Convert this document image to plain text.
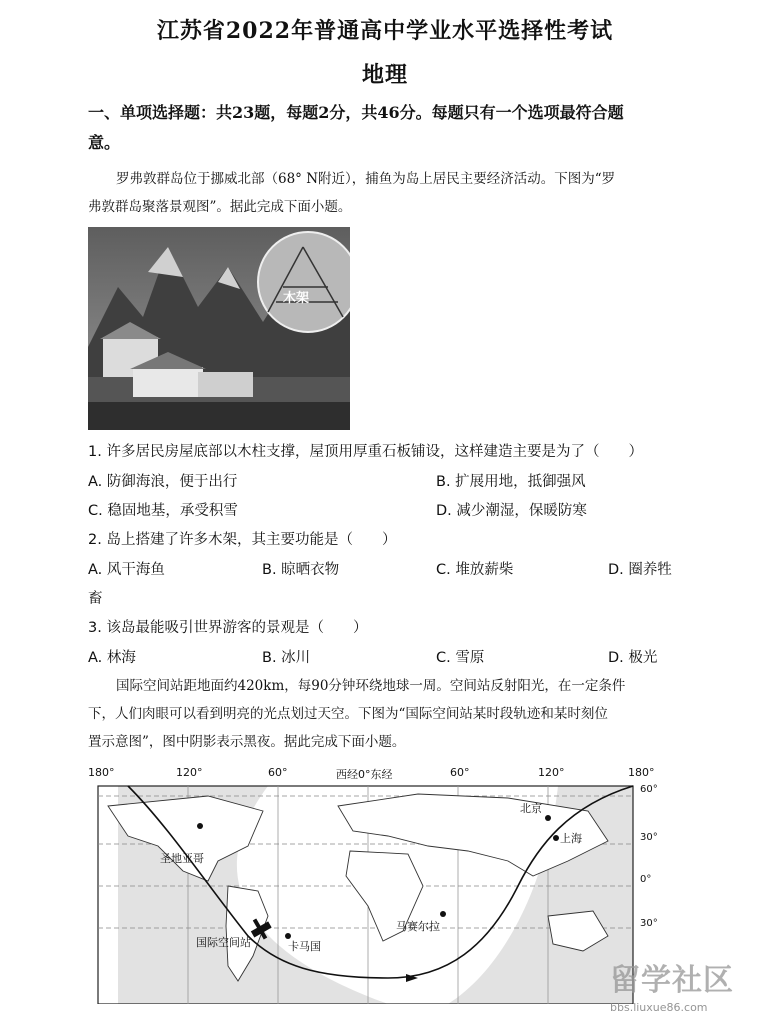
江苏省2022年普通高中学业水平选择性考试
地理
一、单项选择题：共23题，每题2分，共46分。每题只有一个选项最符合题
意。
罗弗敦群岛位于挪威北部（68° N附近），捕鱼为岛上居民主要经济活动。下图为“罗
弗敦群岛聚落景观图”。据此完成下面小题。
木架
1. 许多居民房屋底部以木柱支撑，屋顶用厚重石板铺设，这样建造主要是为了（　　）
A. 防御海浪，便于出行	B. 扩展用地，抵御强风
C. 稳固地基，承受积雪	D. 减少潮湿，保暖防寒
2. 岛上搭建了许多木架，其主要功能是（　　）
A. 风干海鱼	B. 晾晒衣物	C. 堆放薪柴	D. 圈养牲
畜
3. 该岛最能吸引世界游客的景观是（　　）
A. 林海	B. 冰川	C. 雪原	D. 极光
国际空间站距地面约420km，每90分钟环绕地球一周。空间站反射阳光，在一定条件
下，人们肉眼可以看到明亮的光点划过天空。下图为“国际空间站某时段轨迹和某时刻位
置示意图”，图中阴影表示黑夜。据此完成下面小题。
180°	120°	60°	西经0°东经	60°	120°	180°
60°
30°
0°
30°
北京
上海
圣地亚哥
国际空间站	卡马国
马赛尔拉
留学社区
bbs.liuxue86.com
